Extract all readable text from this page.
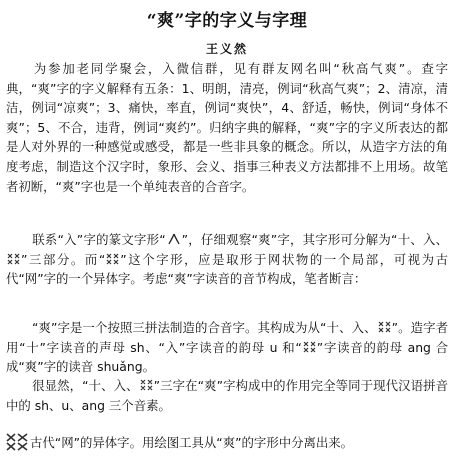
“爽”字的字义与字理
王义然

为参加老同学聚会，入微信群，见有群友网名叫“秋高气爽”。查字典，“爽”字的字义解释有五条：1、明朗，清亮，例词“秋高气爽”；2、清凉，清洁，例词“凉爽”；3、痛快，率直，例词“爽快”，4、舒适，畅快，例词“身体不爽”；5、不合，违背，例词“爽约”。归纳字典的解释，“爽”字的字义所表达的都是人对外界的一种感觉或感受，都是一些非具象的概念。所以，从造字方法的角度考虑，制造这个汉字时，象形、会义、指事三种表义方法都排不上用场。故笔者初断，“爽”字也是一个单纯表音的合音字。

联系“入”字的篆文字形“ ”，仔细观察“爽”字，其字形可分解为“十、入、
”三部分。而“ ”这个字形，应是取形于网状物的一个局部，可视为古代“网”字的一个异体字。考虑“爽”字读音的音节构成，笔者断言：

“爽”字是一个按照三拼法制造的合音字。其构成为从“十、入、 ”。造字者用“十”字读音的声母 sh、“入”字读音的韵母 u 和“ ”字读音的韵母 ang 合成“爽”字的读音 shuǎng。

很显然，“十、入、 ”三字在“爽”字构成中的作用完全等同于现代汉语拼音中的 sh、u、ang 三个音素。

古代“网”的异体字。用绘图工具从“爽”的字形中分离出来。
